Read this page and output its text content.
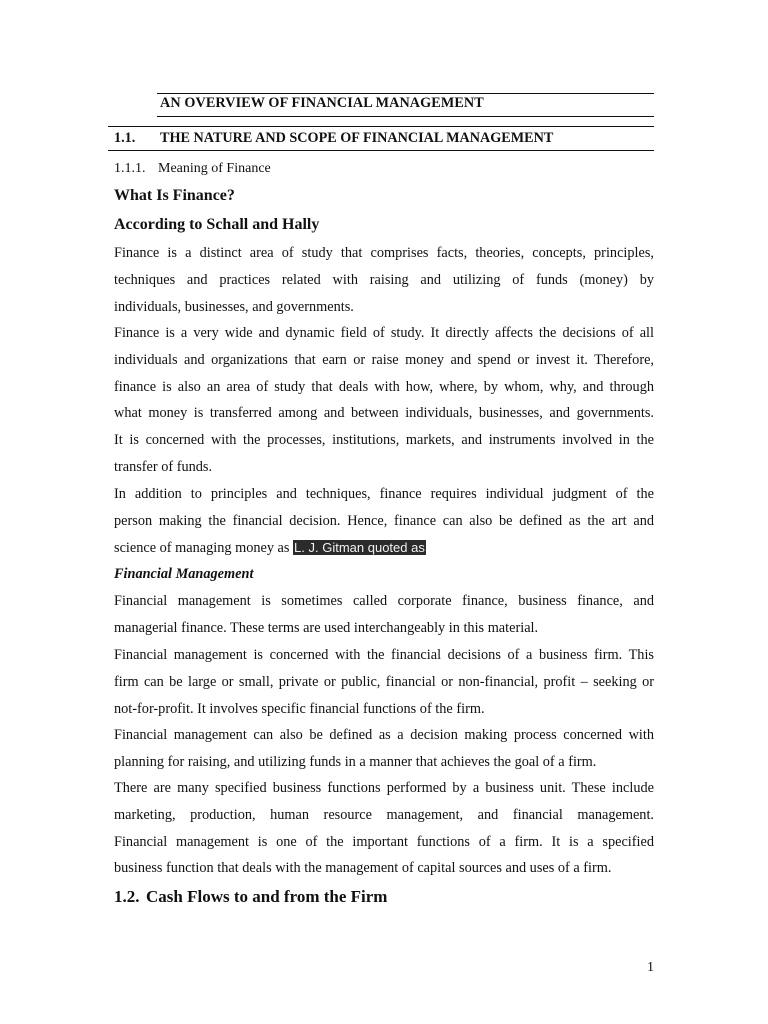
AN OVERVIEW OF FINANCIAL MANAGEMENT
1.1. THE NATURE AND SCOPE OF FINANCIAL MANAGEMENT
1.1.1. Meaning of Finance
What Is Finance?
According to Schall and Hally
Finance is a distinct area of study that comprises facts, theories, concepts, principles,
techniques and practices related with raising and utilizing of funds (money) by
individuals, businesses, and governments.
Finance is a very wide and dynamic field of study. It directly affects the decisions of all
individuals and organizations that earn or raise money and spend or invest it. Therefore,
finance is also an area of study that deals with how, where, by whom, why, and through
what money is transferred among and between individuals, businesses, and governments.
It is concerned with the processes, institutions, markets, and instruments involved in the
transfer of funds.
In addition to principles and techniques, finance requires individual judgment of the
person making the financial decision. Hence, finance can also be defined as the art and
science of managing money as L. J. Gitman quoted as
Financial Management
Financial management is sometimes called corporate finance, business finance, and
managerial finance. These terms are used interchangeably in this material.
Financial management is concerned with the financial decisions of a business firm. This
firm can be large or small, private or public, financial or non-financial, profit – seeking or
not-for-profit. It involves specific financial functions of the firm.
Financial management can also be defined as a decision making process concerned with
planning for raising, and utilizing funds in a manner that achieves the goal of a firm.
There are many specified business functions performed by a business unit. These include
marketing, production, human resource management, and financial management.
Financial management is one of the important functions of a firm. It is a specified
business function that deals with the management of capital sources and uses of a firm.
1.2. Cash Flows to and from the Firm
1
